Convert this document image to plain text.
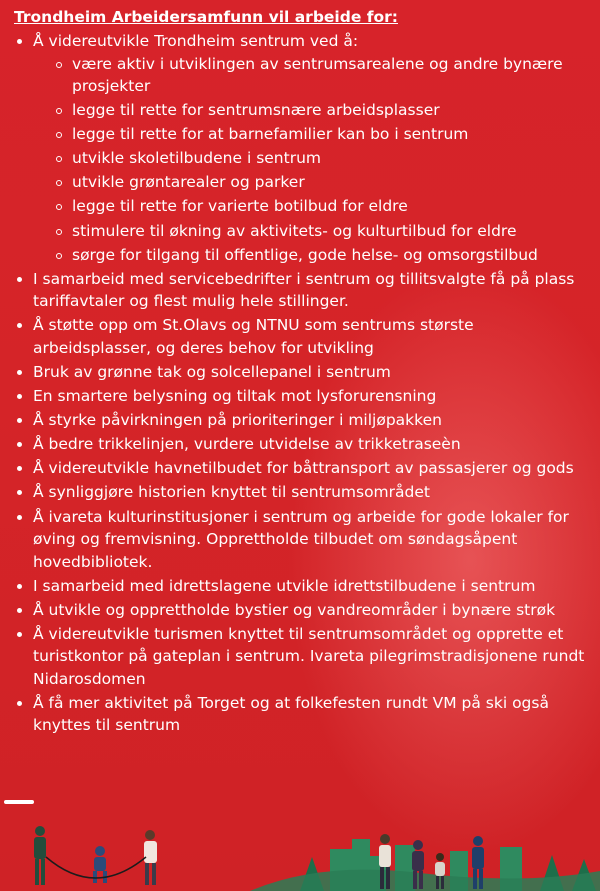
Trondheim Arbeidersamfunn vil arbeide for:
Å videreutvikle Trondheim sentrum ved å:
være aktiv i utviklingen av sentrumsarealene og andre bynære prosjekter
legge til rette for sentrumsnære arbeidsplasser
legge til rette for at barnefamilier kan bo i sentrum
utvikle skoletilbudene i sentrum
utvikle grøntarealer og parker
legge til rette for varierte botilbud for eldre
stimulere til økning av aktivitets- og kulturtilbud for eldre
sørge for tilgang til offentlige, gode helse- og omsorgstilbud
I samarbeid med servicebedrifter i sentrum og tillitsvalgte få på plass tariffavtaler og flest mulig hele stillinger.
Å støtte opp om St.Olavs og NTNU som sentrums største arbeidsplasser, og deres behov for utvikling
Bruk av grønne tak og solcellepanel i sentrum
En smartere belysning og tiltak mot lysforurensning
Å styrke påvirkningen på prioriteringer i miljøpakken
Å bedre trikkelinjen, vurdere utvidelse av trikketraseèn
Å videreutvikle havnetilbudet for båttransport av passasjerer og gods
Å synliggjøre historien knyttet til sentrumsområdet
Å ivareta kulturinstitusjoner i sentrum og arbeide for gode lokaler for øving og fremvisning. Opprettholde tilbudet om søndagsåpent hovedbibliotek.
I samarbeid med idrettslagene utvikle idrettstilbudene i sentrum
Å utvikle og opprettholde bystier og vandreområder i bynære strøk
Å videreutvikle turismen knyttet til sentrumsområdet og opprette et turistkontor på gateplan i sentrum. Ivareta pilegrimstradisjonene rundt Nidarosdomen
Å få mer aktivitet på Torget og at folkefesten rundt VM på ski også knyttes til sentrum
